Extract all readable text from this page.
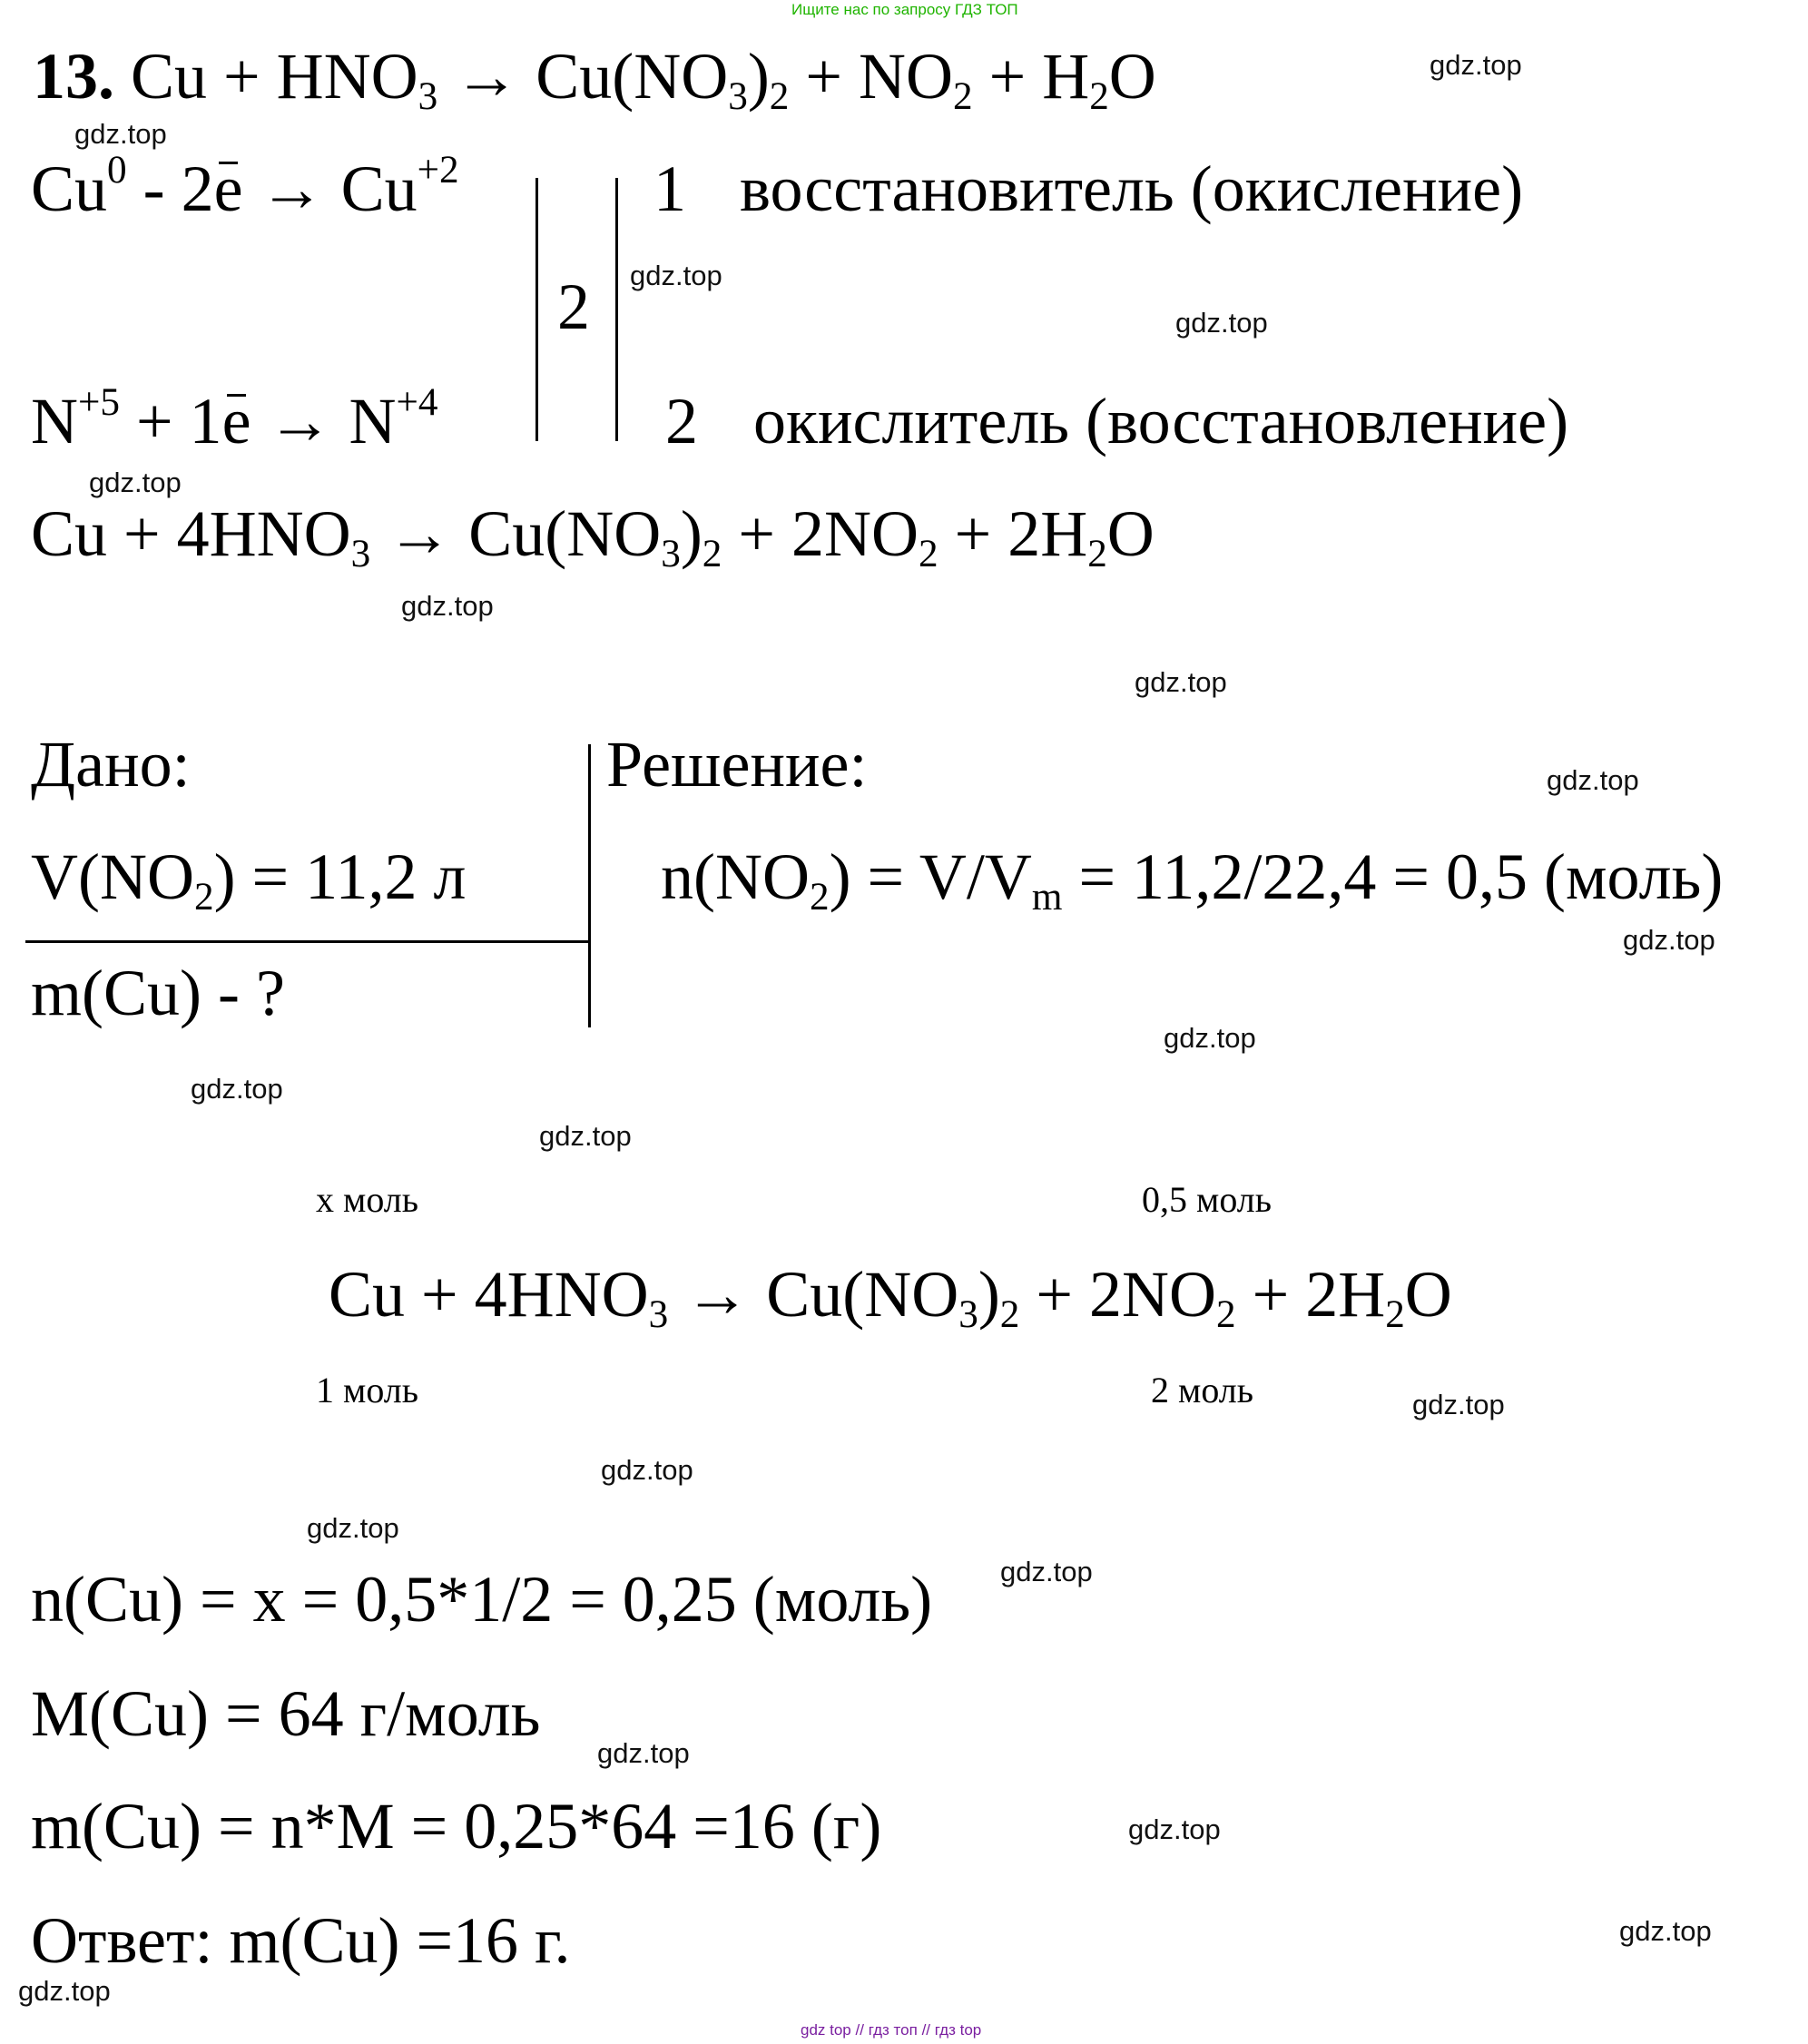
Ищите нас по запросу ГДЗ ТОП
13. Cu + HNO3 → Cu(NO3)2 + NO2 + H2O
$Cu^0 - 2e \to Cu^{+2}$
$N^{+5} + 1e \to N^{+4}$
2
1
2
восстановитель (окисление)
окислитель (восстановление)
Cu + 4HNO3 → Cu(NO3)2 + 2NO2 + 2H2O
Дано:
V(NO2) = 11,2 л
m(Cu) - ?
Решение:
n(NO2) = V/Vm = 11,2/22,4 = 0,5 (моль)
х моль	0,5 моль
Cu + 4HNO3 → Cu(NO3)2 + 2NO2 + 2H2O
1 моль	2 моль
n(Cu) = x = 0,5*1/2 = 0,25 (моль)
M(Cu) = 64 г/моль
m(Cu) = n*M = 0,25*64 =16 (г)
Ответ: m(Cu) =16 г.
gdz.top
gdz.top
gdz.top
gdz.top
gdz.top
gdz.top
gdz.top
gdz.top
gdz.top
gdz.top
gdz.top
gdz.top
gdz.top
gdz.top
gdz.top
gdz.top
gdz.top
gdz.top
gdz.top
gdz.top
gdz top // гдз топ // гдз top
